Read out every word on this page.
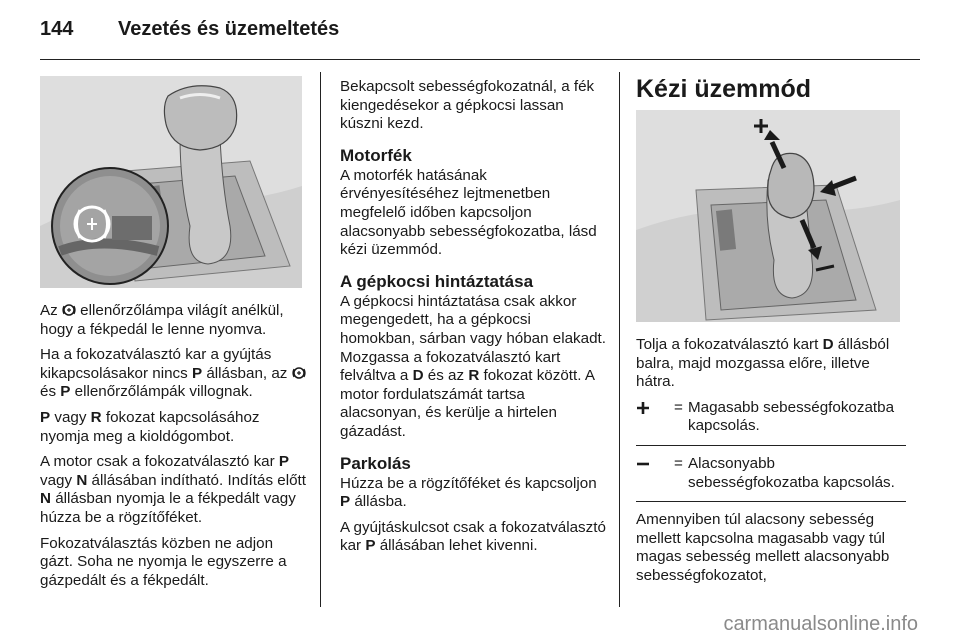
144	Vezetés és üzemeltetés

Az  ellenőrzőlámpa világít anélkül, hogy a fékpedál le lenne nyomva.

Ha a fokozatválasztó kar a gyújtás kikapcsolásakor nincs P állásban, az  és P ellenőrzőlámpák villognak.

P vagy R fokozat kapcsolásához nyomja meg a kioldógombot.

A motor csak a fokozatválasztó kar P vagy N állásában indítható. Indítás előtt N állásban nyomja le a fékpedált vagy húzza be a rögzítőféket.

Fokozatválasztás közben ne adjon gázt. Soha ne nyomja le egyszerre a gázpedált és a fékpedált.

Bekapcsolt sebességfokozatnál, a fék kiengedésekor a gépkocsi lassan kúszni kezd.

Motorfék

A motorfék hatásának érvényesítéséhez lejtmenetben megfelelő időben kapcsoljon alacsonyabb sebességfokozatba, lásd kézi üzemmód.

A gépkocsi hintáztatása

A gépkocsi hintáztatása csak akkor megengedett, ha a gépkocsi homokban, sárban vagy hóban elakadt. Mozgassa a fokozatválasztó kart felváltva a D és az R fokozat között. A motor fordulatszámát tartsa alacsonyan, és kerülje a hirtelen gázadást.

Parkolás

Húzza be a rögzítőféket és kapcsoljon P állásba.

A gyújtáskulcsot csak a fokozatválasztó kar P állásában lehet kivenni.

Kézi üzemmód

Tolja a fokozatválasztó kart D állásból balra, majd mozgassa előre, illetve hátra.

= Magasabb sebességfokozatba kapcsolás.
= Alacsonyabb sebességfokozatba kapcsolás.

Amennyiben túl alacsony sebesség mellett kapcsolna magasabb vagy túl magas sebesség mellett alacsonyabb sebességfokozatot,

carmanualsonline.info
